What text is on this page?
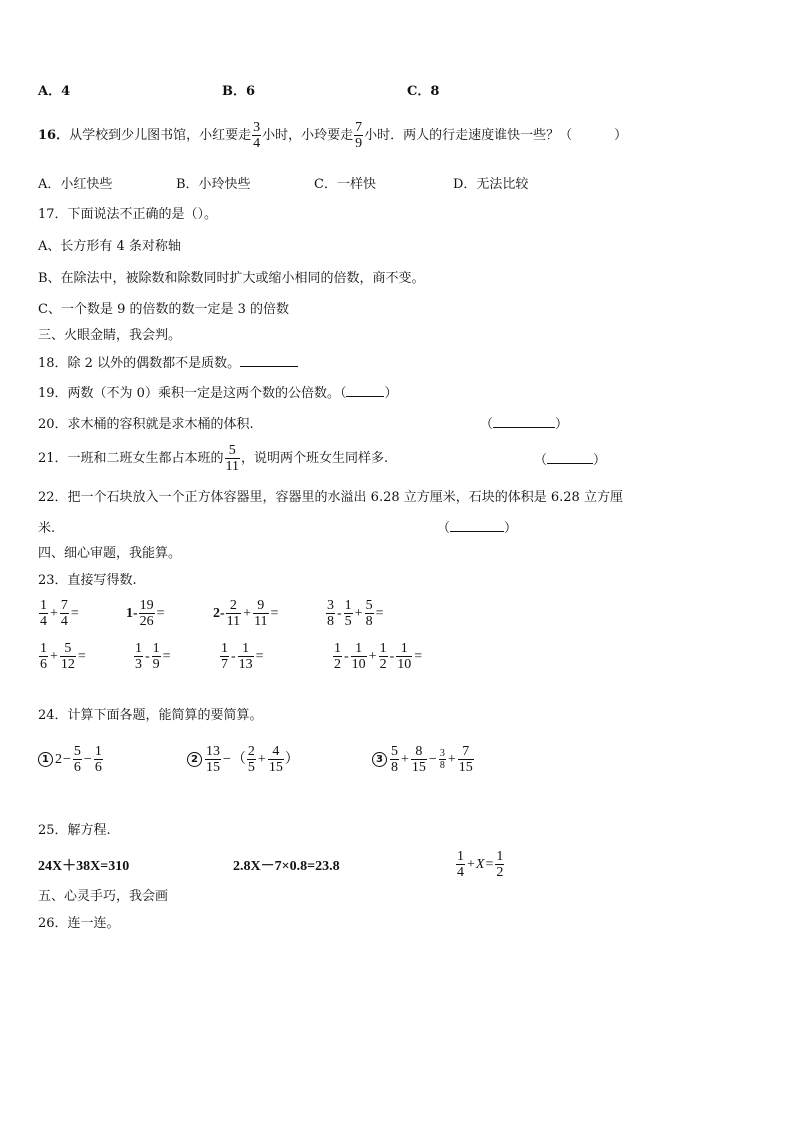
A．4	B．6	C．8
16． 从学校到少儿图书馆，小红要走 $\frac{3}{4}$ 小时，小玲要走 $\frac{7}{9}$ 小时．两人的行走速度谁快一些？（	）
A．小红快些	B．小玲快些	C．一样快	D．无法比较
17．下面说法不正确的是（）。
A、长方形有 4 条对称轴
B、在除法中，被除数和除数同时扩大或缩小相同的倍数，商不变。
C、一个数是 9 的倍数的数一定是 3 的倍数
三、火眼金睛，我会判。
18．除 2 以外的偶数都不是质数。
19．两数（不为 0）乘积一定是这两个数的公倍数。（	）
20．求木桶的容积就是求木桶的体积.	（	）
21．一班和二班女生都占本班的 $\frac{5}{11}$ ，说明两个班女生同样多.	（	）
22．把一个石块放入一个正方体容器里，容器里的水溢出 6.28 立方厘米，石块的体积是 6.28 立方厘
米.	（	）
四、细心审题，我能算。
23．直接写得数.
$\frac{1}{4} + \frac{7}{4}$ =	$1- \frac{19}{26}$ =	$2- \frac{2}{11} + \frac{9}{11}$ =	$\frac{3}{8} - \frac{1}{5} + \frac{5}{8}$ =
$\frac{1}{6} + \frac{5}{12}$ =	$\frac{1}{3} - \frac{1}{9}$ =	$\frac{1}{7} - \frac{1}{13}$ =	$\frac{1}{2} - \frac{1}{10} + \frac{1}{2} - \frac{1}{10}$ =
24．计算下面各题，能简算的要简算。
1 $2 - \frac{5}{6} - \frac{1}{6}$	$2 \frac{13}{15}$ − （ $\frac{2}{5} + \frac{4}{15}$ ）	$3 \frac{5}{8} + \frac{8}{15} - \frac{3}{8} + \frac{7}{15}$
25．解方程.
24X＋38X=310	2.8X－7×0.8=23.8	$\frac{1}{4} + X = \frac{1}{2}$
五、心灵手巧，我会画
26．连一连。
